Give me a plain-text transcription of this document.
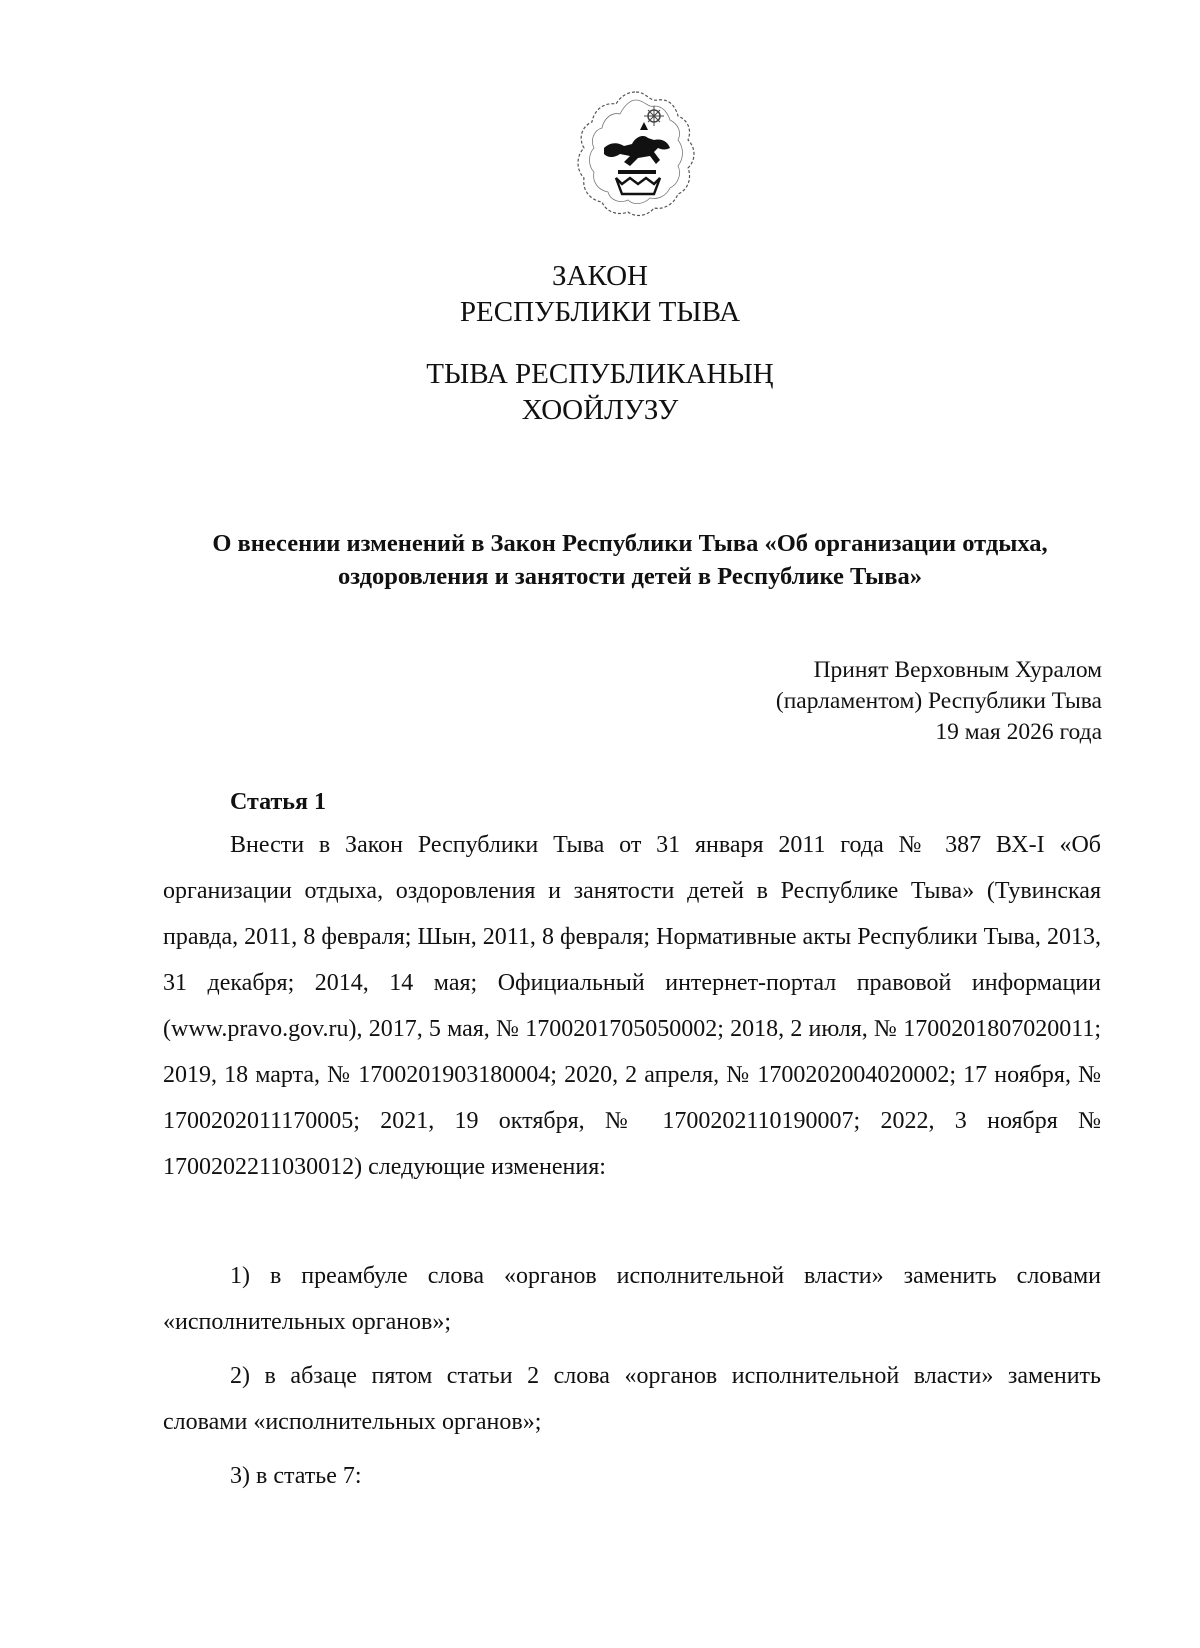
ЗАКОН
РЕСПУБЛИКИ ТЫВА
ТЫВА РЕСПУБЛИКАНЫҢ
ХООЙЛУЗУ
О внесении изменений в Закон Республики Тыва «Об организации отдыха, оздоровления и занятости детей в Республике Тыва»
Принят Верховным Хуралом
(парламентом) Республики Тыва
19 мая 2026 года
Статья 1

Внести в Закон Республики Тыва от 31 января 2011 года № 387 ВХ-I «Об организации отдыха, оздоровления и занятости детей в Республике Тыва» (Тувинская правда, 2011, 8 февраля; Шын, 2011, 8 февраля; Нормативные акты Республики Тыва, 2013, 31 декабря; 2014, 14 мая; Официальный интернет-портал правовой информации (www.pravo.gov.ru), 2017, 5 мая, № 1700201705050002; 2018, 2 июля, № 1700201807020011; 2019, 18 марта, № 1700201903180004; 2020, 2 апреля, № 1700202004020002; 17 ноября, № 1700202011170005; 2021, 19 октября, № 1700202110190007; 2022, 3 ноября № 1700202211030012) следующие изменения:

1) в преамбуле слова «органов исполнительной власти» заменить словами «исполнительных органов»;

2) в абзаце пятом статьи 2 слова «органов исполнительной власти» заменить словами «исполнительных органов»;

3) в статье 7:
